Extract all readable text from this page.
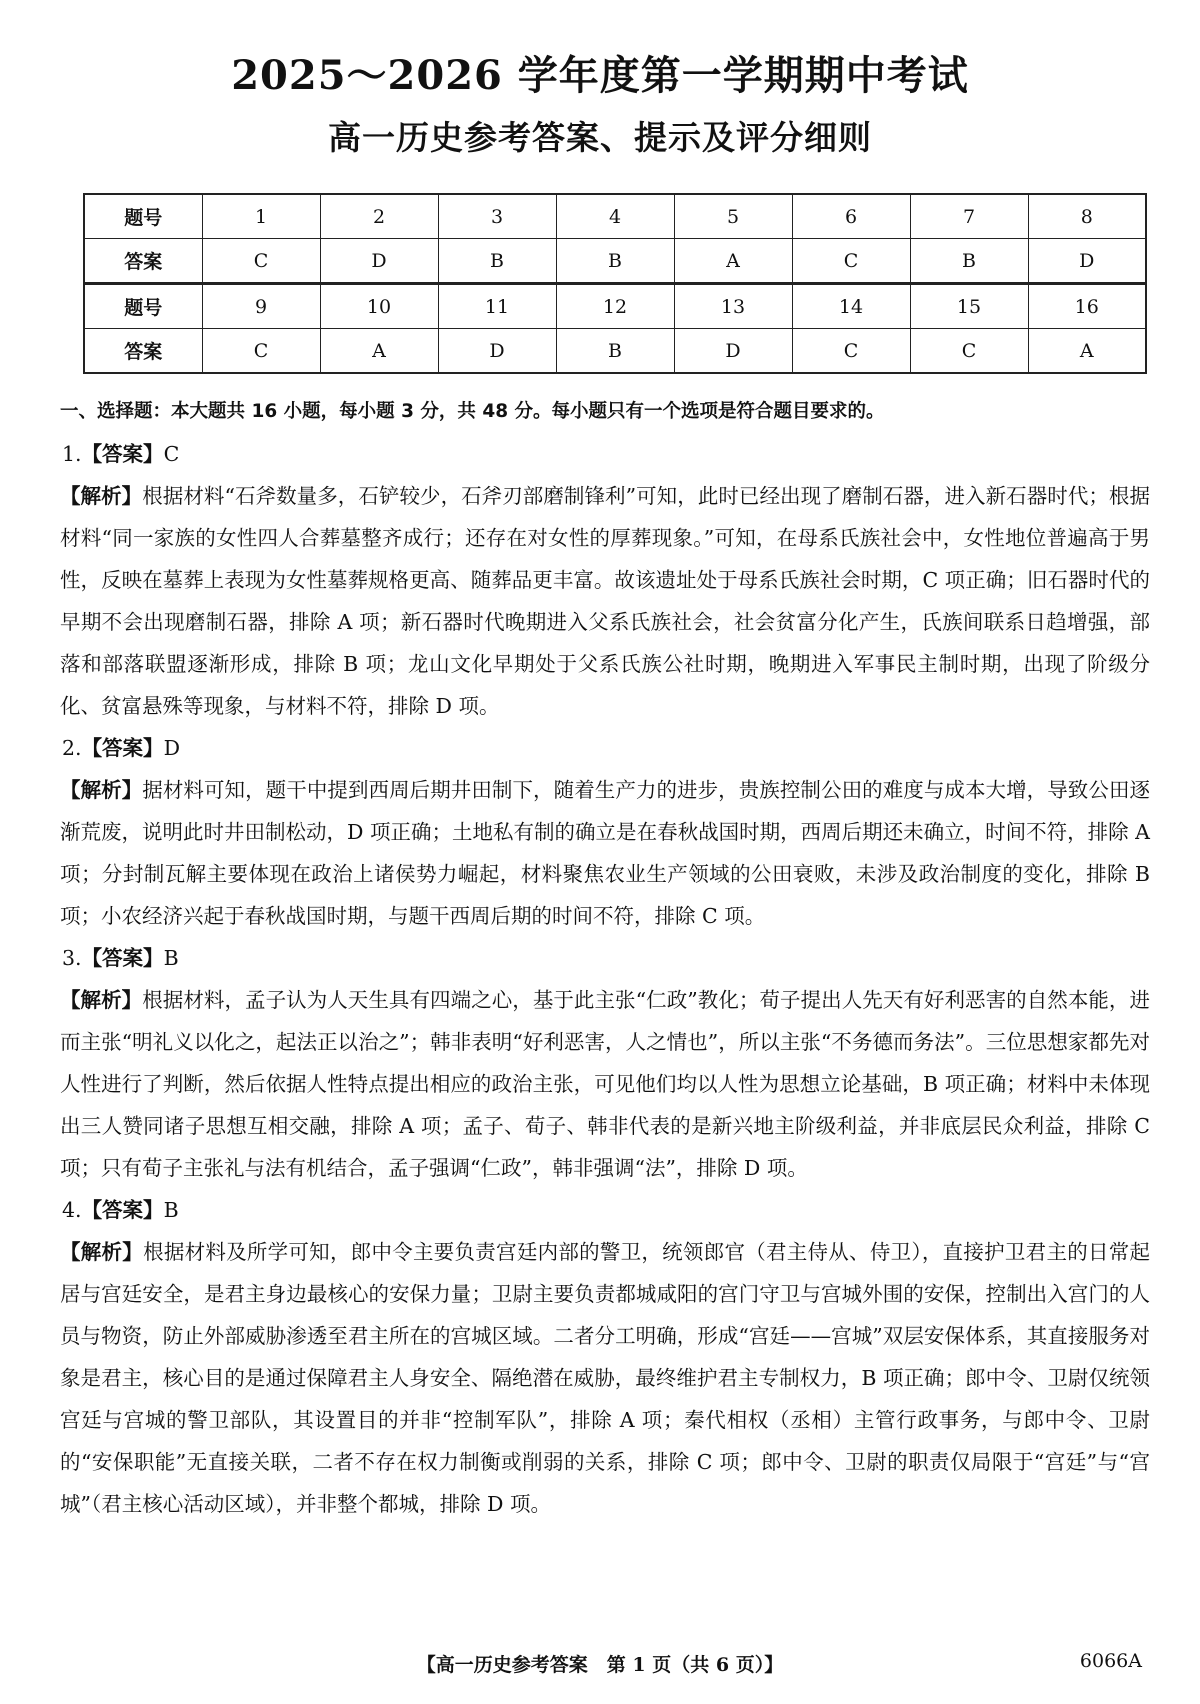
2025～2026 学年度第一学期期中考试
高一历史参考答案、提示及评分细则
题号	1	2	3	4	5	6	7	8
答案	C	D	B	B	A	C	B	D
题号	9	10	11	12	13	14	15	16
答案	C	A	D	B	D	C	C	A

一、选择题：本大题共 16 小题，每小题 3 分，共 48 分。每小题只有一个选项是符合题目要求的。

1.【答案】C

【解析】根据材料“石斧数量多，石铲较少，石斧刃部磨制锋利”可知，此时已经出现了磨制石器，进入新石器时代；根据材料“同一家族的女性四人合葬墓整齐成行；还存在对女性的厚葬现象。”可知，在母系氏族社会中，女性地位普遍高于男性，反映在墓葬上表现为女性墓葬规格更高、随葬品更丰富。故该遗址处于母系氏族社会时期，C 项正确；旧石器时代的早期不会出现磨制石器，排除 A 项；新石器时代晚期进入父系氏族社会，社会贫富分化产生，氏族间联系日趋增强，部落和部落联盟逐渐形成，排除 B 项；龙山文化早期处于父系氏族公社时期，晚期进入军事民主制时期，出现了阶级分化、贫富悬殊等现象，与材料不符，排除 D 项。

2.【答案】D

【解析】据材料可知，题干中提到西周后期井田制下，随着生产力的进步，贵族控制公田的难度与成本大增，导致公田逐渐荒废，说明此时井田制松动，D 项正确；土地私有制的确立是在春秋战国时期，西周后期还未确立，时间不符，排除 A 项；分封制瓦解主要体现在政治上诸侯势力崛起，材料聚焦农业生产领域的公田衰败，未涉及政治制度的变化，排除 B 项；小农经济兴起于春秋战国时期，与题干西周后期的时间不符，排除 C 项。

3.【答案】B

【解析】根据材料，孟子认为人天生具有四端之心，基于此主张“仁政”教化；荀子提出人先天有好利恶害的自然本能，进而主张“明礼义以化之，起法正以治之”；韩非表明“好利恶害，人之情也”，所以主张“不务德而务法”。三位思想家都先对人性进行了判断，然后依据人性特点提出相应的政治主张，可见他们均以人性为思想立论基础，B 项正确；材料中未体现出三人赞同诸子思想互相交融，排除 A 项；孟子、荀子、韩非代表的是新兴地主阶级利益，并非底层民众利益，排除 C 项；只有荀子主张礼与法有机结合，孟子强调“仁政”，韩非强调“法”，排除 D 项。

4.【答案】B

【解析】根据材料及所学可知，郎中令主要负责宫廷内部的警卫，统领郎官（君主侍从、侍卫），直接护卫君主的日常起居与宫廷安全，是君主身边最核心的安保力量；卫尉主要负责都城咸阳的宫门守卫与宫城外围的安保，控制出入宫门的人员与物资，防止外部威胁渗透至君主所在的宫城区域。二者分工明确，形成“宫廷——宫城”双层安保体系，其直接服务对象是君主，核心目的是通过保障君主人身安全、隔绝潜在威胁，最终维护君主专制权力，B 项正确；郎中令、卫尉仅统领宫廷与宫城的警卫部队，其设置目的并非“控制军队”，排除 A 项；秦代相权（丞相）主管行政事务，与郎中令、卫尉的“安保职能”无直接关联，二者不存在权力制衡或削弱的关系，排除 C 项；郎中令、卫尉的职责仅局限于“宫廷”与“宫城”（君主核心活动区域），并非整个都城，排除 D 项。

【高一历史参考答案　第 1 页（共 6 页）】	6066A
